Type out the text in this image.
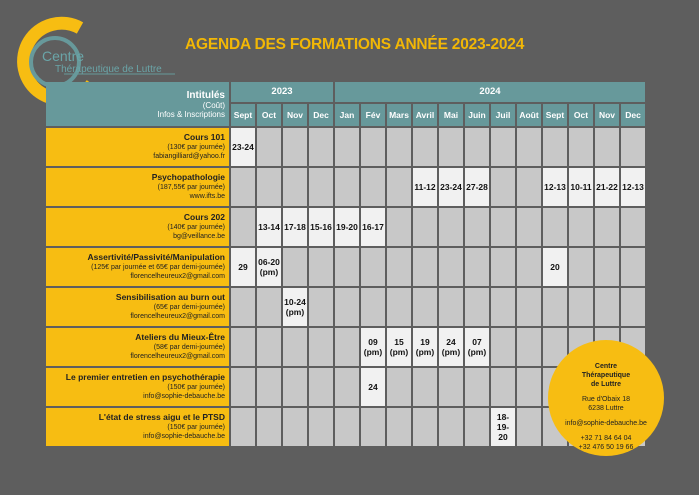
Centre
Thérapeutique de Luttre
AGENDA DES FORMATIONS ANNÉE 2023-2024
Intitulés
(Coût)
Infos & Inscriptions	2023				2024											
	Sept	Oct	Nov	Dec	Jan	Fév	Mars	Avril	Mai	Juin	Juil	Août	Sept	Oct	Nov	Dec

Cours 101
(130€ par journée)
fabiangilliard@yahoo.fr	23-24															

Psychopathologie
(187,55€ par journée)
www.ifts.be								11-12	23-24	27-28			12-13	10-11	21-22	12-13

Cours 202
(140€ par journée)
bg@veillance.be		13-14	17-18	15-16	19-20	16-17										

Assertivité/Passivité/Manipulation
(125€ par journée et 65€ par demi-journée)
florencelheureux2@gmail.com	29	06-20
(pm)											20			

Sensibilisation au burn out
(65€ par demi-journée)
florencelheureux2@gmail.com			10-24
(pm)													

Ateliers du Mieux-Être
(58€ par demi-journée)
florencelheureux2@gmail.com						09
(pm)	15
(pm)	19
(pm)	24
(pm)	07
(pm)						

Le premier entretien en psychothérapie
(150€ par journée)
info@sophie-debauche.be						24										

L'état de stress aigu et le PTSD
(150€ par journée)
info@sophie-debauche.be											18-19-
20					
Centre
Thérapeutique
de Luttre
Rue d'Obaix 18
6238 Luttre
info@sophie-debauche.be
+32 71 84 64 04
+32 476 50 19 66
